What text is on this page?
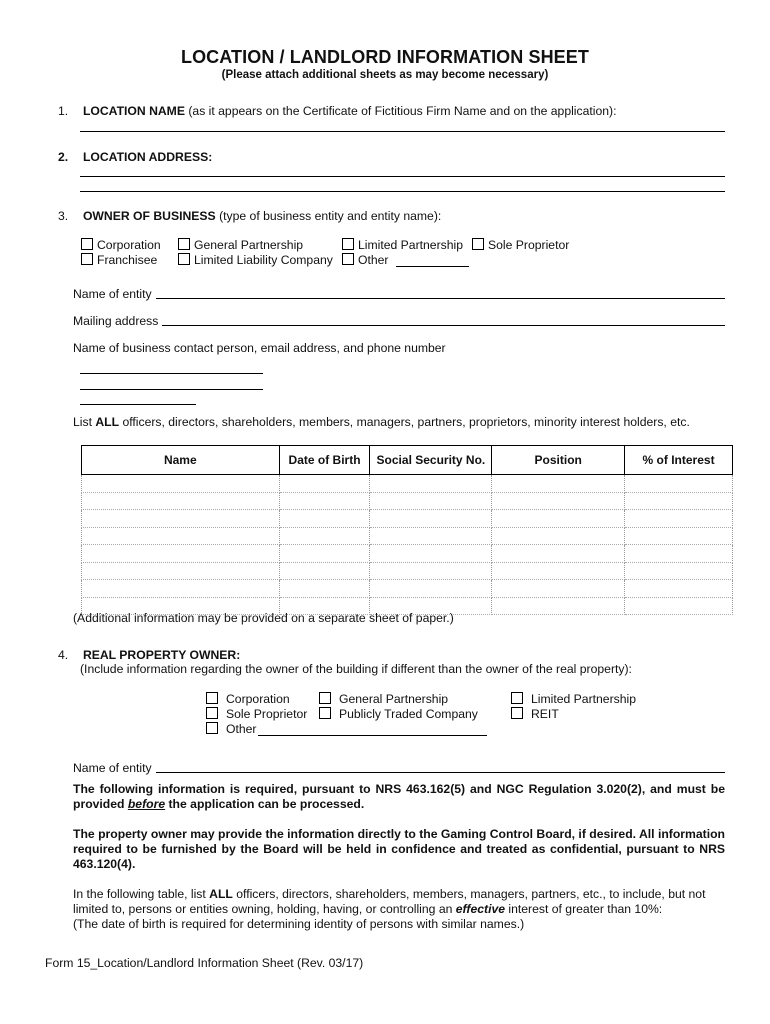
LOCATION / LANDLORD INFORMATION SHEET
(Please attach additional sheets as may become necessary)
1. LOCATION NAME (as it appears on the Certificate of Fictitious Firm Name and on the application):
2. LOCATION ADDRESS:
3. OWNER OF BUSINESS (type of business entity and entity name):
Corporation	General Partnership	Limited Partnership	Sole Proprietor
Franchisee	Limited Liability Company	Other
Name of entity
Mailing address
Name of business contact person, email address, and phone number
List ALL officers, directors, shareholders, members, managers, partners, proprietors, minority interest holders, etc.
Name	Date of Birth	Social Security No.	Position	% of Interest

(Additional information may be provided on a separate sheet of paper.)
4. REAL PROPERTY OWNER:
(Include information regarding the owner of the building if different than the owner of the real property):
Corporation	General Partnership	Limited Partnership
Sole Proprietor	Publicly Traded Company	REIT
Other
Name of entity
The following information is required, pursuant to NRS 463.162(5) and NGC Regulation 3.020(2), and must be provided before the application can be processed.
The property owner may provide the information directly to the Gaming Control Board, if desired. All information required to be furnished by the Board will be held in confidence and treated as confidential, pursuant to NRS 463.120(4).
In the following table, list ALL officers, directors, shareholders, members, managers, partners, etc., to include, but not limited to, persons or entities owning, holding, having, or controlling an effective interest of greater than 10%:
(The date of birth is required for determining identity of persons with similar names.)
Form 15_Location/Landlord Information Sheet (Rev. 03/17)
